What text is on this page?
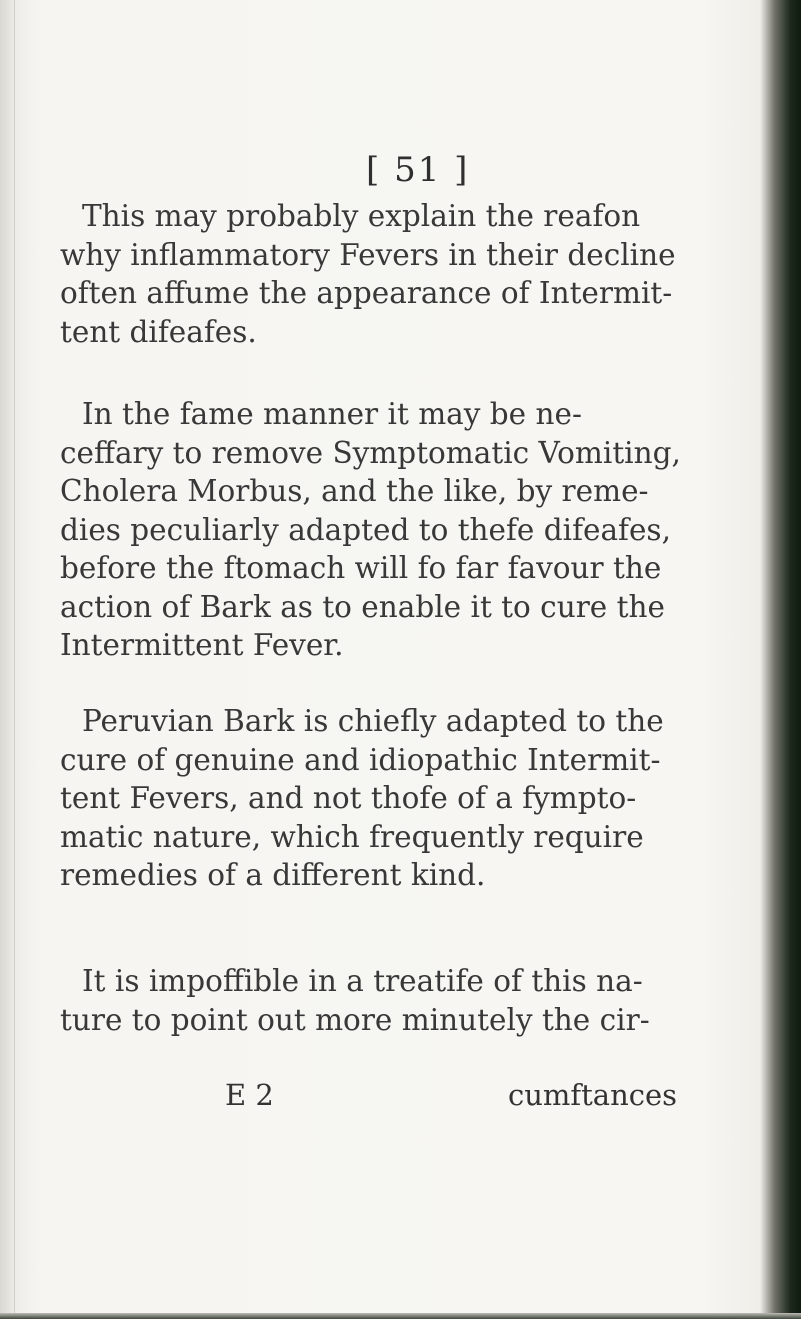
[ 51 ]
This may probably explain the reafon
why inflammatory Fevers in their decline
often affume the appearance of Intermit-
tent difeafes.
In the fame manner it may be ne-
ceffary to remove Symptomatic Vomiting,
Cholera Morbus, and the like, by reme-
dies peculiarly adapted to thefe difeafes,
before the ftomach will fo far favour the
action of Bark as to enable it to cure the
Intermittent Fever.
Peruvian Bark is chiefly adapted to the
cure of genuine and idiopathic Intermit-
tent Fevers, and not thofe of a fympto-
matic nature, which frequently require
remedies of a different kind.
It is impoffible in a treatife of this na-
ture to point out more minutely the cir-
E 2	cumftances
